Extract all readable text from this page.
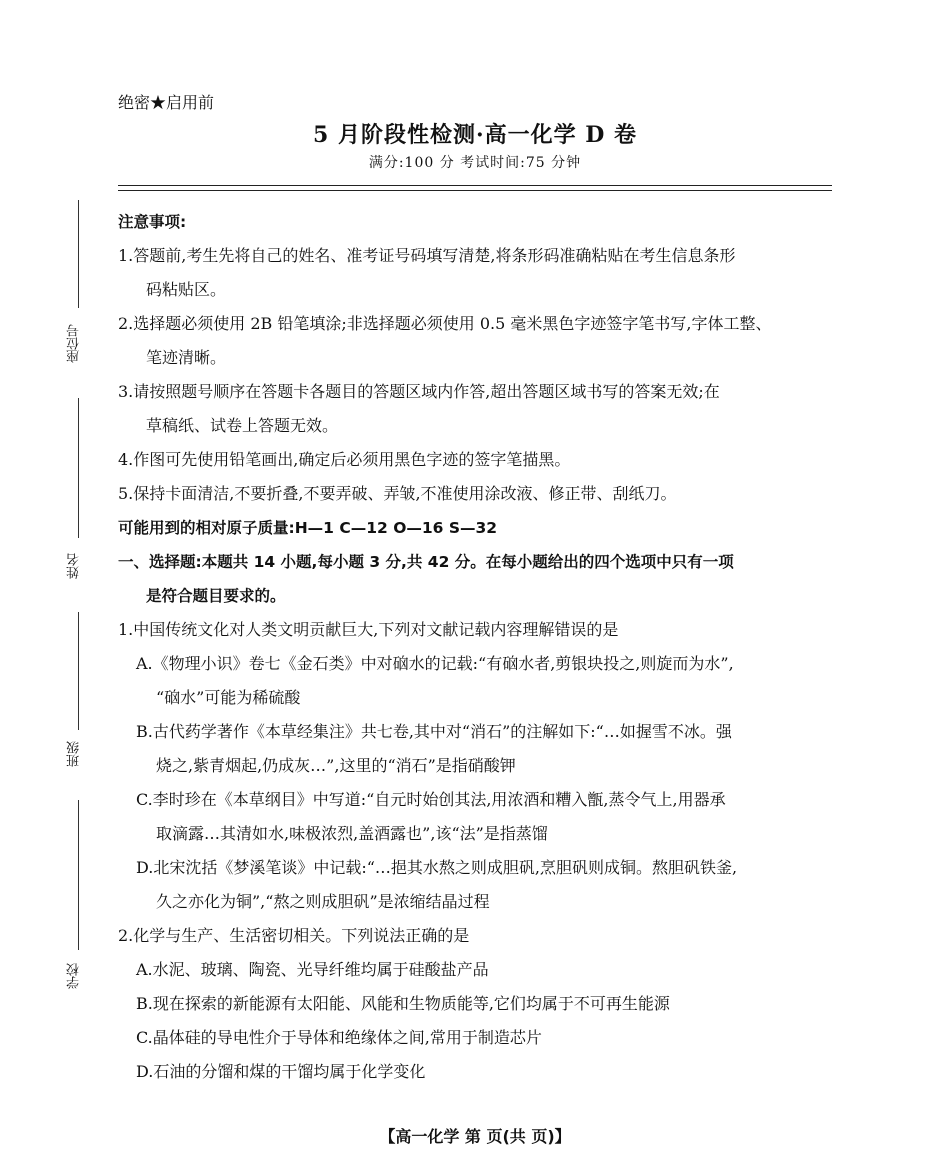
绝密★启用前
5 月阶段性检测·高一化学 D 卷
满分:100 分 考试时间:75 分钟
座位号
姓名
班级
学校
注意事项:
1.答题前,考生先将自己的姓名、准考证号码填写清楚,将条形码准确粘贴在考生信息条形
码粘贴区。
2.选择题必须使用 2B 铅笔填涂;非选择题必须使用 0.5 毫米黑色字迹签字笔书写,字体工整、
笔迹清晰。
3.请按照题号顺序在答题卡各题目的答题区域内作答,超出答题区域书写的答案无效;在
草稿纸、试卷上答题无效。
4.作图可先使用铅笔画出,确定后必须用黑色字迹的签字笔描黑。
5.保持卡面清洁,不要折叠,不要弄破、弄皱,不准使用涂改液、修正带、刮纸刀。
可能用到的相对原子质量:H—1 C—12 O—16 S—32
一、选择题:本题共 14 小题,每小题 3 分,共 42 分。在每小题给出的四个选项中只有一项
是符合题目要求的。
1.中国传统文化对人类文明贡献巨大,下列对文献记载内容理解错误的是
A.《物理小识》卷七《金石类》中对硇水的记载:“有硇水者,剪银块投之,则旋而为水”,
“硇水”可能为稀硫酸
B.古代药学著作《本草经集注》共七卷,其中对“消石”的注解如下:“…如握雪不冰。强
烧之,紫青烟起,仍成灰…”,这里的“消石”是指硝酸钾
C.李时珍在《本草纲目》中写道:“自元时始创其法,用浓酒和糟入甑,蒸令气上,用器承
取滴露…其清如水,味极浓烈,盖酒露也”,该“法”是指蒸馏
D.北宋沈括《梦溪笔谈》中记载:“…挹其水熬之则成胆矾,烹胆矾则成铜。熬胆矾铁釜,
久之亦化为铜”,“熬之则成胆矾”是浓缩结晶过程
2.化学与生产、生活密切相关。下列说法正确的是
A.水泥、玻璃、陶瓷、光导纤维均属于硅酸盐产品
B.现在探索的新能源有太阳能、风能和生物质能等,它们均属于不可再生能源
C.晶体硅的导电性介于导体和绝缘体之间,常用于制造芯片
D.石油的分馏和煤的干馏均属于化学变化
【高一化学 第 页(共 页)】
